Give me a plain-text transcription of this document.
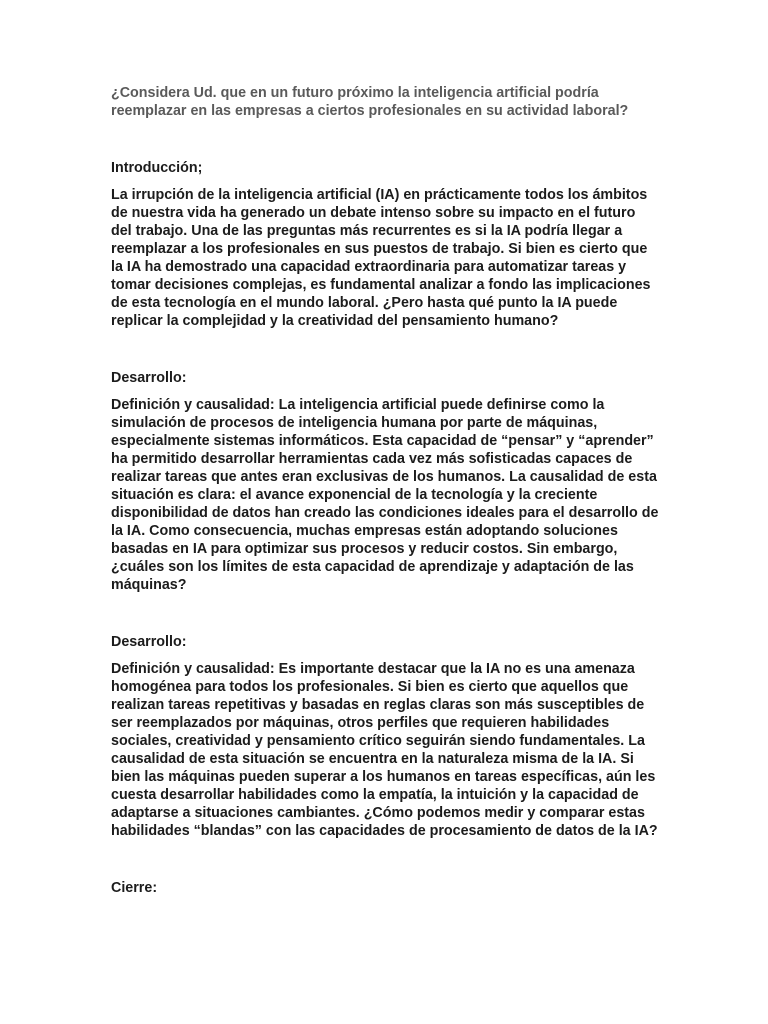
¿Considera Ud. que en un futuro próximo la inteligencia artificial podría reemplazar en las empresas a ciertos profesionales en su actividad laboral?

Introducción;

La irrupción de la inteligencia artificial (IA) en prácticamente todos los ámbitos de nuestra vida ha generado un debate intenso sobre su impacto en el futuro del trabajo. Una de las preguntas más recurrentes es si la IA podría llegar a reemplazar a los profesionales en sus puestos de trabajo. Si bien es cierto que la IA ha demostrado una capacidad extraordinaria para automatizar tareas y tomar decisiones complejas, es fundamental analizar a fondo las implicaciones de esta tecnología en el mundo laboral. ¿Pero hasta qué punto la IA puede replicar la complejidad y la creatividad del pensamiento humano?

Desarrollo:

Definición y causalidad: La inteligencia artificial puede definirse como la simulación de procesos de inteligencia humana por parte de máquinas, especialmente sistemas informáticos. Esta capacidad de “pensar” y “aprender” ha permitido desarrollar herramientas cada vez más sofisticadas capaces de realizar tareas que antes eran exclusivas de los humanos. La causalidad de esta situación es clara: el avance exponencial de la tecnología y la creciente disponibilidad de datos han creado las condiciones ideales para el desarrollo de la IA. Como consecuencia, muchas empresas están adoptando soluciones basadas en IA para optimizar sus procesos y reducir costos. Sin embargo, ¿cuáles son los límites de esta capacidad de aprendizaje y adaptación de las máquinas?

Desarrollo:

Definición y causalidad: Es importante destacar que la IA no es una amenaza homogénea para todos los profesionales. Si bien es cierto que aquellos que realizan tareas repetitivas y basadas en reglas claras son más susceptibles de ser reemplazados por máquinas, otros perfiles que requieren habilidades sociales, creatividad y pensamiento crítico seguirán siendo fundamentales. La causalidad de esta situación se encuentra en la naturaleza misma de la IA. Si bien las máquinas pueden superar a los humanos en tareas específicas, aún les cuesta desarrollar habilidades como la empatía, la intuición y la capacidad de adaptarse a situaciones cambiantes. ¿Cómo podemos medir y comparar estas habilidades “blandas” con las capacidades de procesamiento de datos de la IA?

Cierre:
